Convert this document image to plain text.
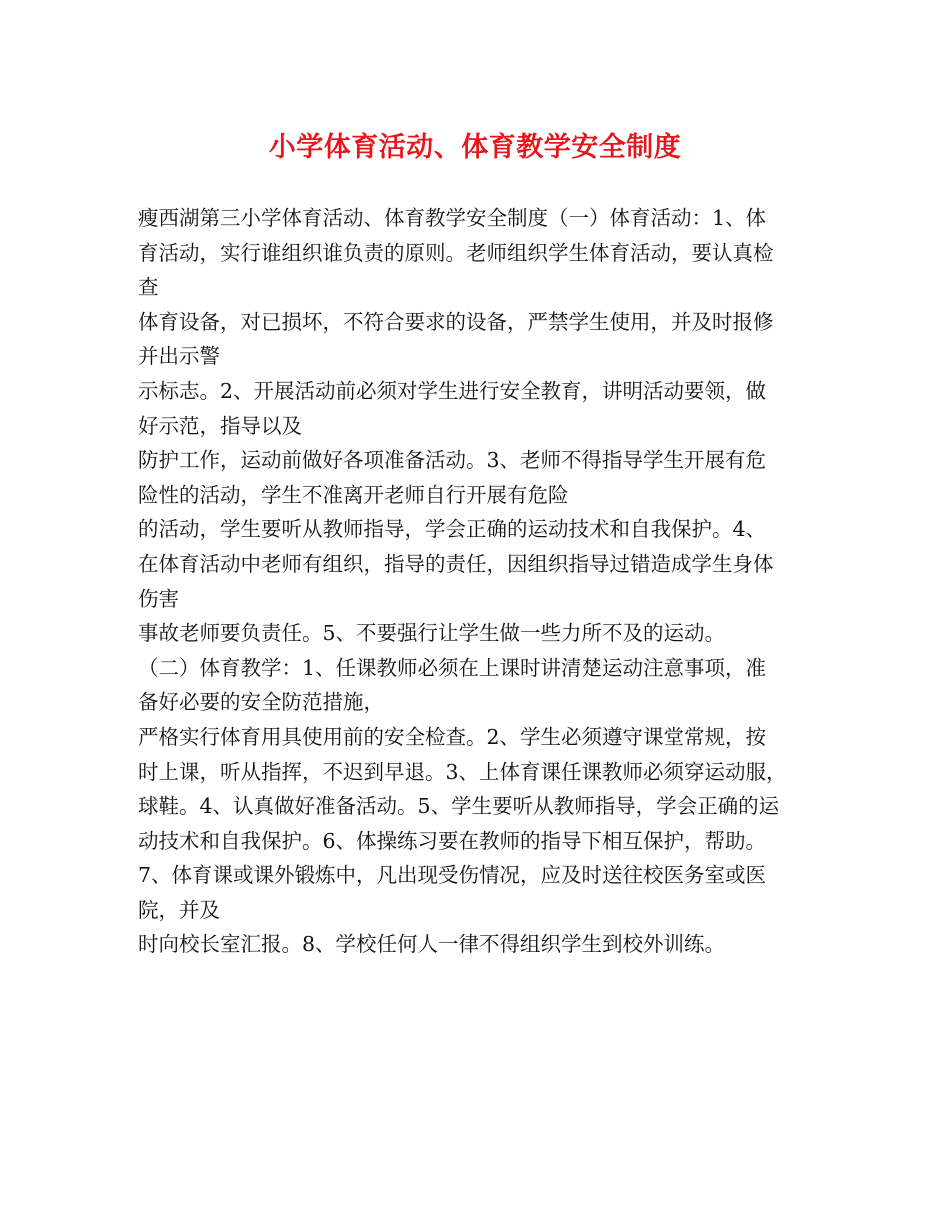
小学体育活动、体育教学安全制度
瘦西湖第三小学体育活动、体育教学安全制度（一）体育活动：1、体
育活动，实行谁组织谁负责的原则。老师组织学生体育活动，要认真检
查
体育设备，对已损坏，不符合要求的设备，严禁学生使用，并及时报修
并出示警
示标志。2、开展活动前必须对学生进行安全教育，讲明活动要领，做
好示范，指导以及
防护工作，运动前做好各项准备活动。3、老师不得指导学生开展有危
险性的活动，学生不准离开老师自行开展有危险
的活动，学生要听从教师指导，学会正确的运动技术和自我保护。4、
在体育活动中老师有组织，指导的责任，因组织指导过错造成学生身体
伤害
事故老师要负责任。5、不要强行让学生做一些力所不及的运动。
（二）体育教学：1、任课教师必须在上课时讲清楚运动注意事项，准
备好必要的安全防范措施，
严格实行体育用具使用前的安全检查。2、学生必须遵守课堂常规，按
时上课，听从指挥，不迟到早退。3、上体育课任课教师必须穿运动服，
球鞋。4、认真做好准备活动。5、学生要听从教师指导，学会正确的运
动技术和自我保护。6、体操练习要在教师的指导下相互保护，帮助。
7、体育课或课外锻炼中，凡出现受伤情况，应及时送往校医务室或医
院，并及
时向校长室汇报。8、学校任何人一律不得组织学生到校外训练。
